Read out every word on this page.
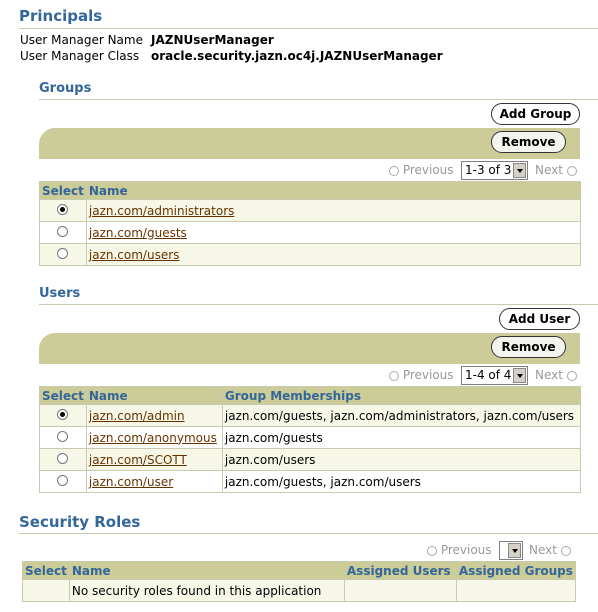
Principals
User Manager Name JAZNUserManager
User Manager Class oracle.security.jazn.oc4j.JAZNUserManager
Groups
Add Group
Remove
Previous 1-3 of 3	Next
Select	Name
	jazn.com/administrators
	jazn.com/guests
	jazn.com/users
Users
Add User
Remove
Previous 1-4 of 4	Next
Select	Name	Group Memberships
	jazn.com/admin	jazn.com/guests, jazn.com/administrators, jazn.com/users
	jazn.com/anonymous	jazn.com/guests
	jazn.com/SCOTT	jazn.com/users
	jazn.com/user	jazn.com/guests, jazn.com/users
Security Roles
Previous	Next
Select	Name	Assigned Users	Assigned Groups
	No security roles found in this application		
